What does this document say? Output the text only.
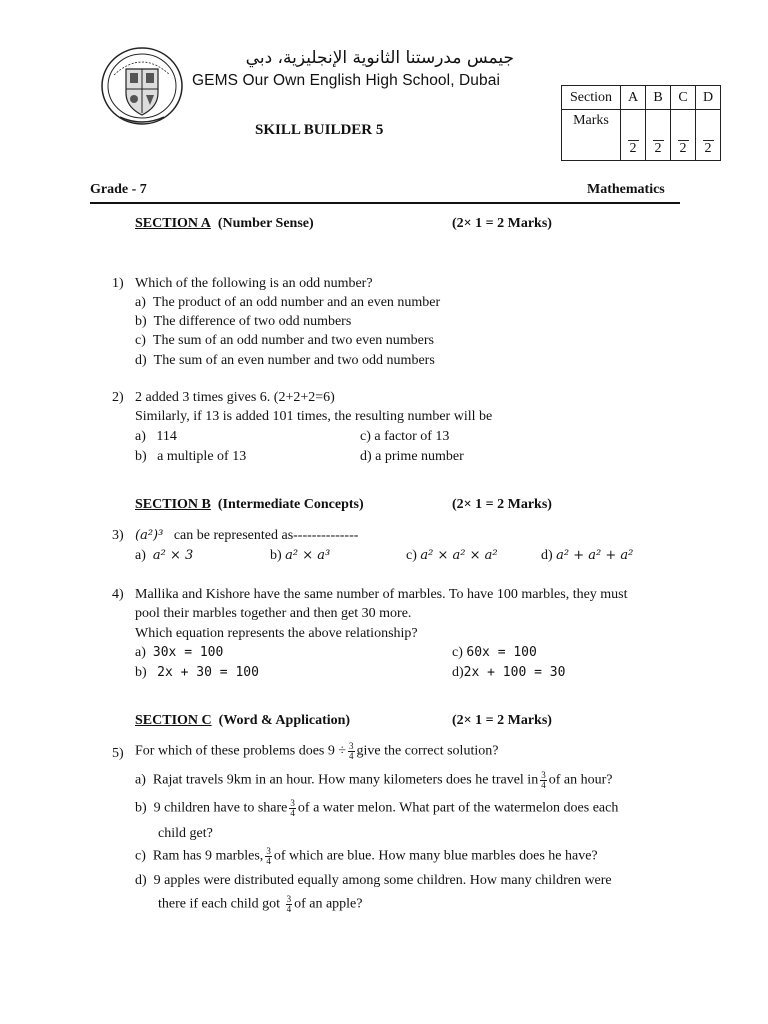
جيمس مدرستنا الثانوية الإنجليزية، دبي
GEMS Our Own English High School, Dubai
Section	A	B	C	D
Marks	2	2	2	2
SKILL BUILDER 5
Grade - 7	Mathematics
SECTION A (Number Sense)	(2× 1 = 2 Marks)
1) Which of the following is an odd number?
a) The product of an odd number and an even number
b) The difference of two odd numbers
c) The sum of an odd number and two even numbers
d) The sum of an even number and two odd numbers
2) 2 added 3 times gives 6. (2+2+2=6)
Similarly, if 13 is added 101 times, the resulting number will be
a)   114
b)   a multiple of 13
c) a factor of 13
d) a prime number
SECTION B (Intermediate Concepts)	(2× 1 = 2 Marks)
3) (a²)³ can be represented as--------------
a) a² × 3	b) a² × a³	c) a² × a² × a²	d) a² + a² + a²
4) Mallika and Kishore have the same number of marbles. To have 100 marbles, they must
pool their marbles together and then get 30 more.
Which equation represents the above relationship?
a) 30x = 100
b) 2x + 30 = 100
c) 60x = 100
d)2x + 100 = 30
SECTION C (Word & Application)	(2× 1 = 2 Marks)
5) For which of these problems does $9 \div \frac{3}{4}$ give the correct solution?
a) Rajat travels 9km in an hour. How many kilometers does he travel in $\frac{3}{4}$ of an hour?
b) 9 children have to share $\frac{3}{4}$ of a water melon. What part of the watermelon does each
child get?
c) Ram has 9 marbles, $\frac{3}{4}$ of which are blue. How many blue marbles does he have?
d) 9 apples were distributed equally among some children. How many children were
there if each child got $\frac{3}{4}$ of an apple?
